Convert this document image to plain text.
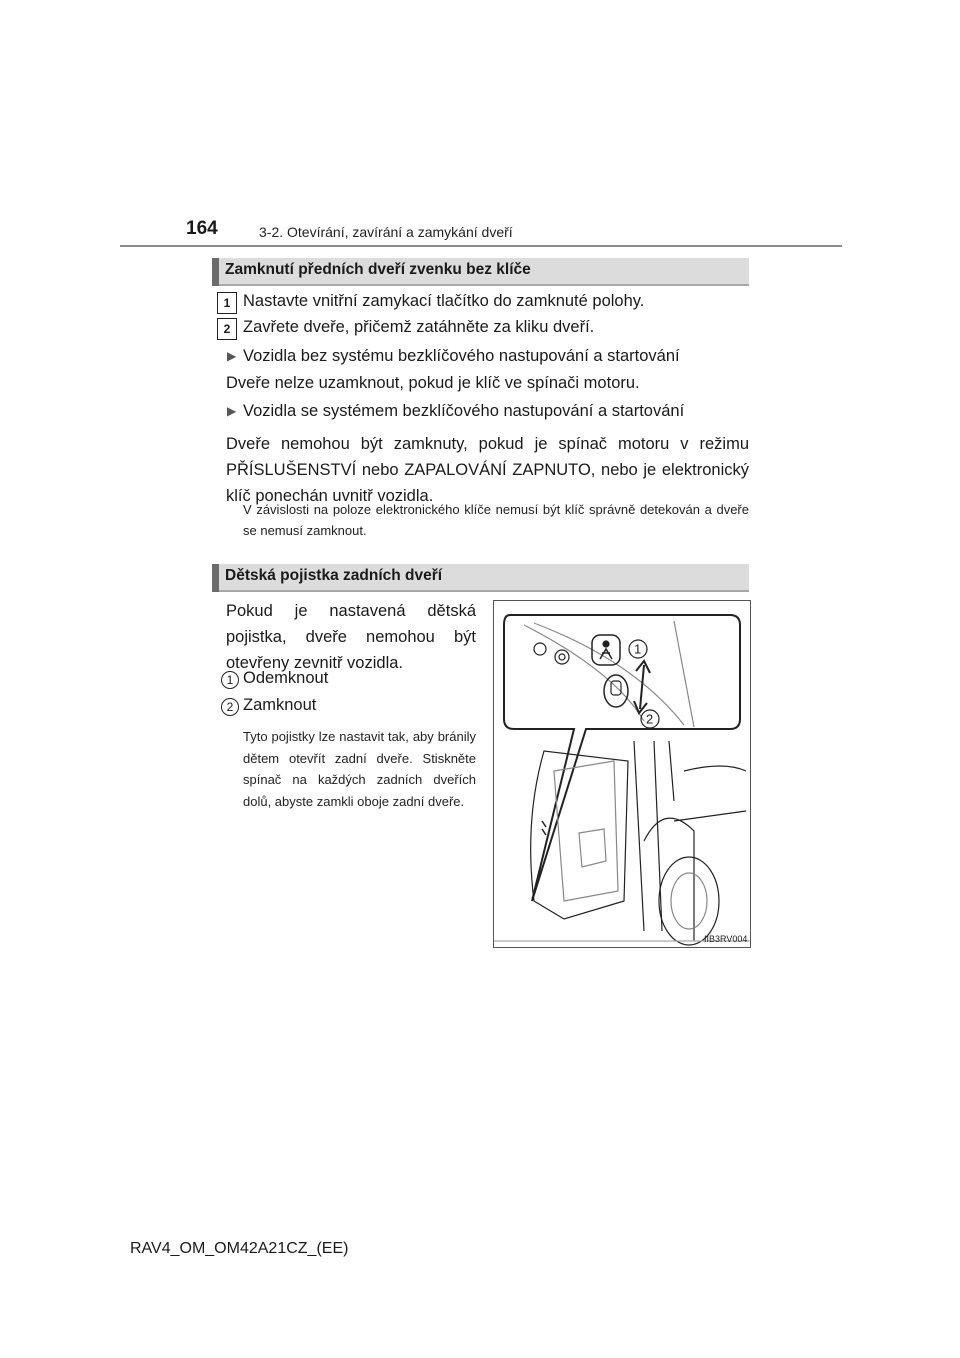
164	3-2. Otevírání, zavírání a zamykání dveří
Zamknutí předních dveří zvenku bez klíče
1 Nastavte vnitřní zamykací tlačítko do zamknuté polohy.
2 Zavřete dveře, přičemž zatáhněte za kliku dveří.
▶ Vozidla bez systému bezklíčového nastupování a startování
Dveře nelze uzamknout, pokud je klíč ve spínači motoru.
▶ Vozidla se systémem bezklíčového nastupování a startování
Dveře nemohou být zamknuty, pokud je spínač motoru v režimu PŘÍSLUŠENSTVÍ nebo ZAPALOVÁNÍ ZAPNUTO, nebo je elektronický klíč ponechán uvnitř vozidla.
V závislosti na poloze elektronického klíče nemusí být klíč správně detekován a dveře se nemusí zamknout.
Dětská pojistka zadních dveří
Pokud je nastavená dětská pojistka, dveře nemohou být otevřeny zevnitř vozidla.
1 Odemknout
2 Zamknout
Tyto pojistky lze nastavit tak, aby bránily dětem otevřít zadní dveře. Stiskněte spínač na každých zadních dveřích dolů, abyste zamkli oboje zadní dveře.
1
2
IIB3RV004
RAV4_OM_OM42A21CZ_(EE)
